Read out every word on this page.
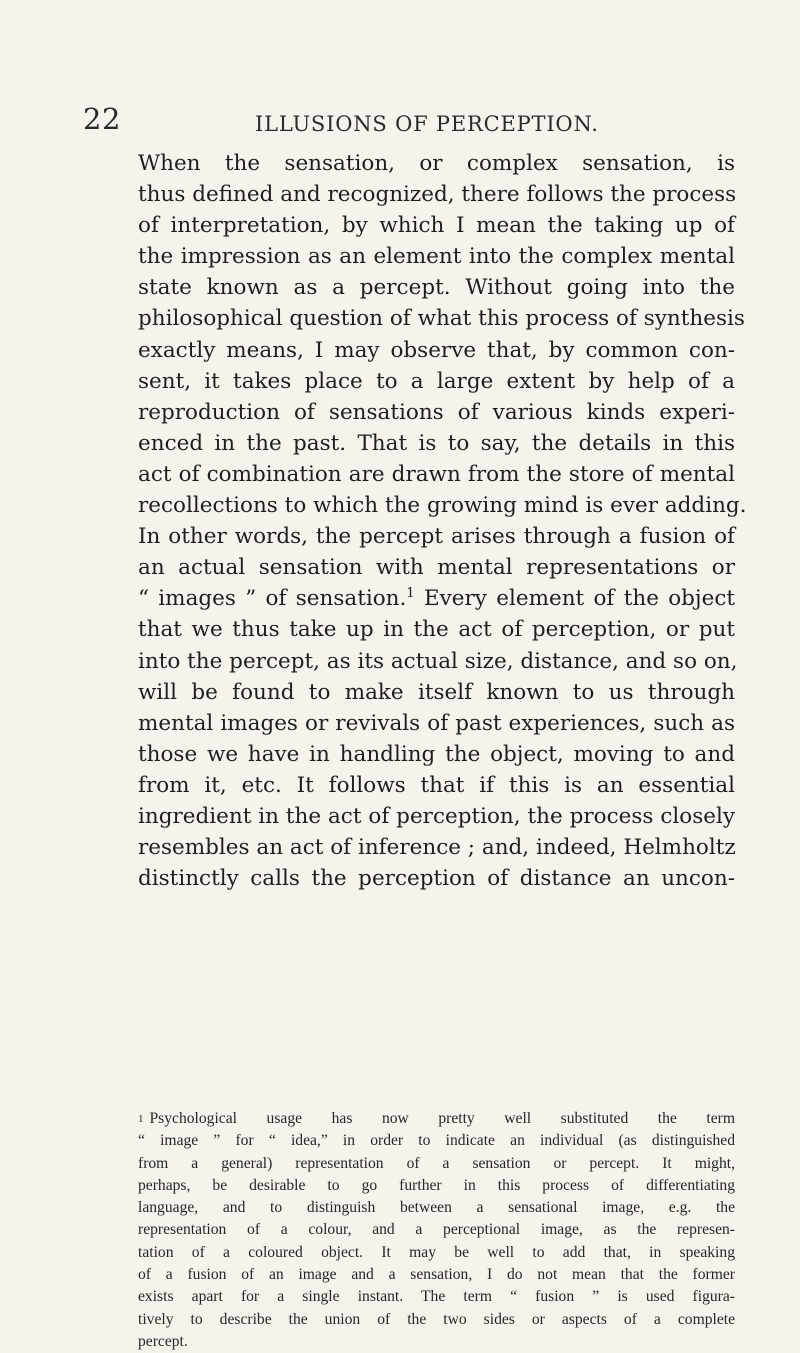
22	ILLUSIONS OF PERCEPTION.
When the sensation, or complex sensation, is
thus defined and recognized, there follows the process
of interpretation, by which I mean the taking up of
the impression as an element into the complex mental
state known as a percept. Without going into the
philosophical question of what this process of synthesis
exactly means, I may observe that, by common con-
sent, it takes place to a large extent by help of a
reproduction of sensations of various kinds experi-
enced in the past. That is to say, the details in this
act of combination are drawn from the store of mental
recollections to which the growing mind is ever adding.
In other words, the percept arises through a fusion of
an actual sensation with mental representations or
“ images ” of sensation.$^1$ Every element of the object
that we thus take up in the act of perception, or put
into the percept, as its actual size, distance, and so on,
will be found to make itself known to us through
mental images or revivals of past experiences, such as
those we have in handling the object, moving to and
from it, etc. It follows that if this is an essential
ingredient in the act of perception, the process closely
resembles an act of inference ; and, indeed, Helmholtz
distinctly calls the perception of distance an uncon-
$^1$ Psychological usage has now pretty well substituted the term
“ image ” for “ idea,” in order to indicate an individual (as distinguished
from a general) representation of a sensation or percept. It might,
perhaps, be desirable to go further in this process of differentiating
language, and to distinguish between a sensational image, e.g. the
representation of a colour, and a perceptional image, as the represen-
tation of a coloured object. It may be well to add that, in speaking
of a fusion of an image and a sensation, I do not mean that the former
exists apart for a single instant. The term “ fusion ” is used figura-
tively to describe the union of the two sides or aspects of a complete
percept.
